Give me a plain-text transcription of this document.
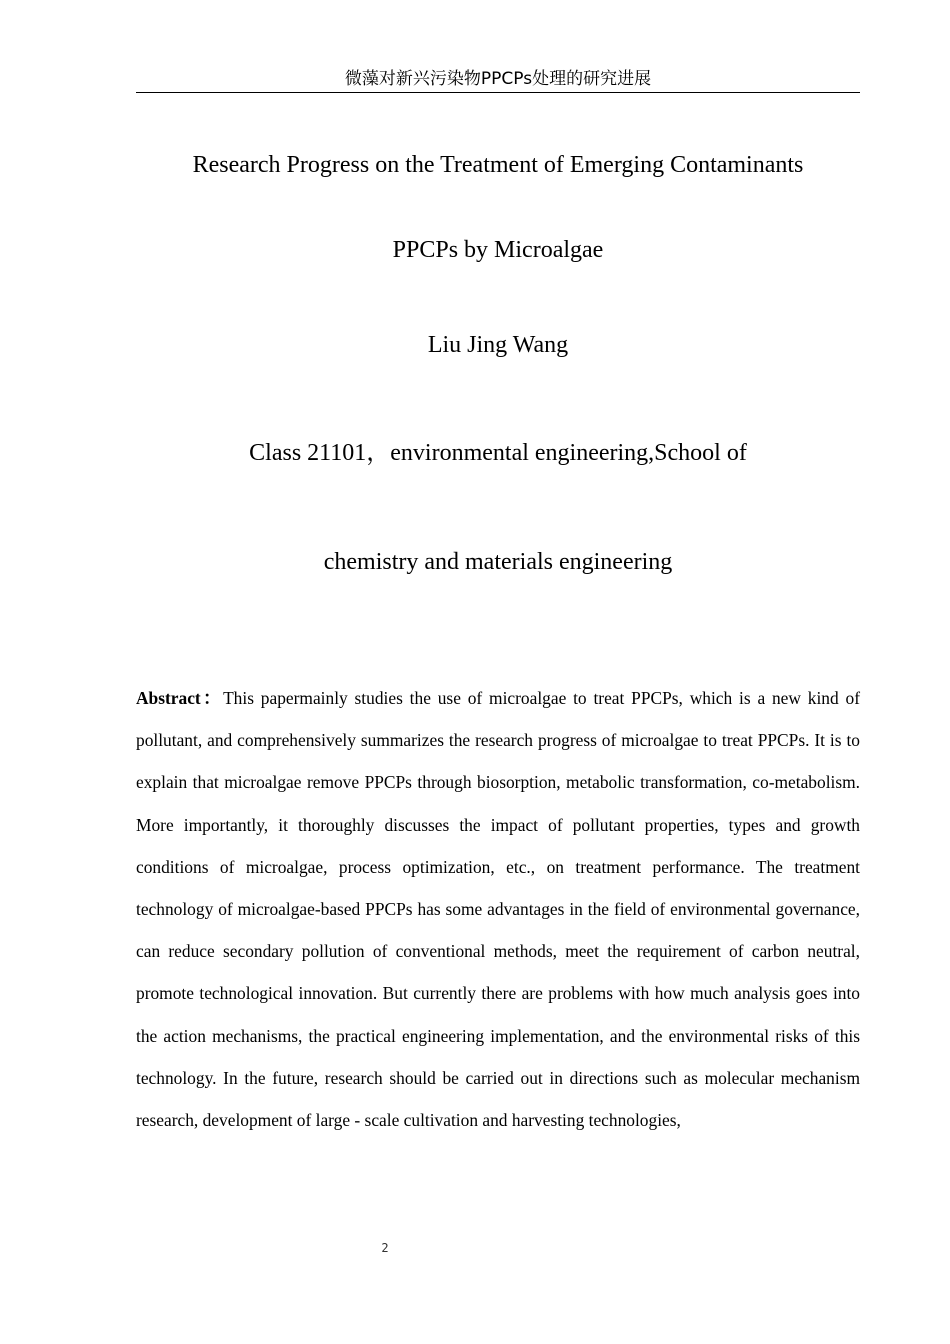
微藻对新兴污染物PPCPs处理的研究进展
Research Progress on the Treatment of Emerging Contaminants
PPCPs by Microalgae
Liu Jing Wang
Class 21101，environmental engineering,School of
chemistry and materials engineering
Abstract：This papermainly studies the use of microalgae to treat PPCPs, which is a new kind of pollutant, and comprehensively summarizes the research progress of microalgae to treat PPCPs. It is to explain that microalgae remove PPCPs through biosorption, metabolic transformation, co-metabolism. More importantly, it thoroughly discusses the impact of pollutant properties, types and growth conditions of microalgae, process optimization, etc., on treatment performance. The treatment technology of microalgae-based PPCPs has some advantages in the field of environmental governance, can reduce secondary pollution of conventional methods, meet the requirement of carbon neutral, promote technological innovation. But currently there are problems with how much analysis goes into the action mechanisms, the practical engineering implementation, and the environmental risks of this technology. In the future, research should be carried out in directions such as molecular mechanism research, development of large - scale cultivation and harvesting technologies,
2
